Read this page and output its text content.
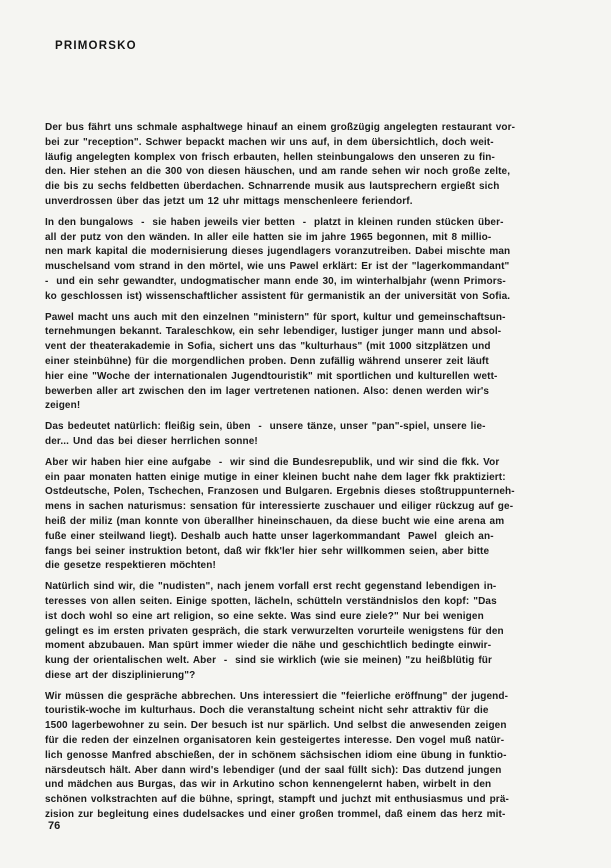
PRIMORSKO
Der bus fährt uns schmale asphaltwege hinauf an einem großzügig angelegten restaurant vor-
bei zur "reception". Schwer bepackt machen wir uns auf, in dem übersichtlich, doch weit-
läufig angelegten komplex von frisch erbauten, hellen steinbungalows den unseren zu fin-
den. Hier stehen an die 300 von diesen häuschen, und am rande sehen wir noch große zelte,
die bis zu sechs feldbetten überdachen. Schnarrende musik aus lautsprechern ergießt sich
unverdrossen über das jetzt um 12 uhr mittags menschenleere feriendorf.
In den bungalows  -  sie haben jeweils vier betten  -  platzt in kleinen runden stücken über-
all der putz von den wänden. In aller eile hatten sie im jahre 1965 begonnen, mit 8 millio-
nen mark kapital die modernisierung dieses jugendlagers voranzutreiben. Dabei mischte man
muschelsand vom strand in den mörtel, wie uns Pawel erklärt: Er ist der "lagerkommandant"
-  und ein sehr gewandter, undogmatischer mann ende 30, im winterhalbjahr (wenn Primors-
ko geschlossen ist) wissenschaftlicher assistent für germanistik an der universität von Sofia.
Pawel macht uns auch mit den einzelnen "ministern" für sport, kultur und gemeinschaftsun-
ternehmungen bekannt. Taraleschkow, ein sehr lebendiger, lustiger junger mann und absol-
vent der theaterakademie in Sofia, sichert uns das "kulturhaus" (mit 1000 sitzplätzen und
einer steinbühne) für die morgendlichen proben. Denn zufällig während unserer zeit läuft
hier eine "Woche der internationalen Jugendtouristik" mit sportlichen und kulturellen wett-
bewerben aller art zwischen den im lager vertretenen nationen. Also: denen werden wir's
zeigen!
Das bedeutet natürlich: fleißig sein, üben  -  unsere tänze, unser "pan"-spiel, unsere lie-
der... Und das bei dieser herrlichen sonne!
Aber wir haben hier eine aufgabe  -  wir sind die Bundesrepublik, und wir sind die fkk. Vor
ein paar monaten hatten einige mutige in einer kleinen bucht nahe dem lager fkk praktiziert:
Ostdeutsche, Polen, Tschechen, Franzosen und Bulgaren. Ergebnis dieses stoßtruppunterneh-
mens in sachen naturismus: sensation für interessierte zuschauer und eiliger rückzug auf ge-
heiß der miliz (man konnte von überallher hineinschauen, da diese bucht wie eine arena am
fuße einer steilwand liegt). Deshalb auch hatte unser lagerkommandant  Pawel  gleich an-
fangs bei seiner instruktion betont, daß wir fkk'ler hier sehr willkommen seien, aber bitte
die gesetze respektieren möchten!
Natürlich sind wir, die "nudisten", nach jenem vorfall erst recht gegenstand lebendigen in-
teresses von allen seiten. Einige spotten, lächeln, schütteln verständnislos den kopf: "Das
ist doch wohl so eine art religion, so eine sekte. Was sind eure ziele?" Nur bei wenigen
gelingt es im ersten privaten gespräch, die stark verwurzelten vorurteile wenigstens für den
moment abzubauen. Man spürt immer wieder die nähe und geschichtlich bedingte einwir-
kung der orientalischen welt. Aber  -  sind sie wirklich (wie sie meinen) "zu heißblütig für
diese art der disziplinierung"?
Wir müssen die gespräche abbrechen. Uns interessiert die "feierliche eröffnung" der jugend-
touristik-woche im kulturhaus. Doch die veranstaltung scheint nicht sehr attraktiv für die
1500 lagerbewohner zu sein. Der besuch ist nur spärlich. Und selbst die anwesenden zeigen
für die reden der einzelnen organisatoren kein gesteigertes interesse. Den vogel muß natür-
lich genosse Manfred abschießen, der in schönem sächsischen idiom eine übung in funktio-
närsdeutsch hält. Aber dann wird's lebendiger (und der saal füllt sich): Das dutzend jungen
und mädchen aus Burgas, das wir in Arkutino schon kennengelernt haben, wirbelt in den
schönen volkstrachten auf die bühne, springt, stampft und juchzt mit enthusiasmus und prä-
zision zur begleitung eines dudelsackes und einer großen trommel, daß einem das herz mit-
76
